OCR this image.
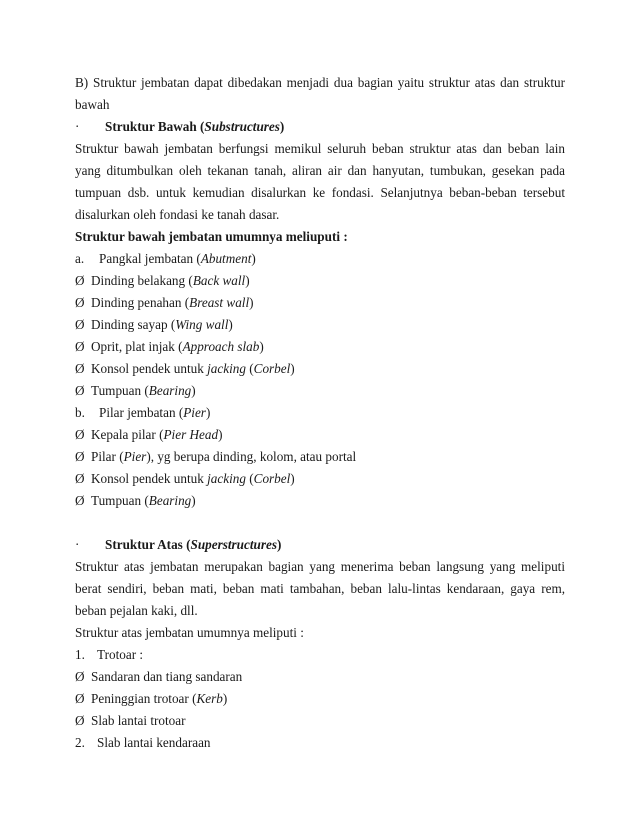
B) Struktur jembatan dapat dibedakan menjadi dua bagian yaitu struktur atas dan struktur
bawah
· Struktur Bawah (Substructures)
Struktur bawah jembatan berfungsi memikul seluruh beban struktur atas dan beban lain
yang ditumbulkan oleh tekanan tanah, aliran air dan hanyutan, tumbukan, gesekan pada
tumpuan dsb. untuk kemudian disalurkan ke fondasi. Selanjutnya beban-beban tersebut
disalurkan oleh fondasi ke tanah dasar.
Struktur bawah jembatan umumnya meliuputi :
a. Pangkal jembatan (Abutment)
Ø Dinding belakang (Back wall)
Ø Dinding penahan (Breast wall)
Ø Dinding sayap (Wing wall)
Ø Oprit, plat injak (Approach slab)
Ø Konsol pendek untuk jacking (Corbel)
Ø Tumpuan (Bearing)
b. Pilar jembatan (Pier)
Ø Kepala pilar (Pier Head)
Ø Pilar (Pier), yg berupa dinding, kolom, atau portal
Ø Konsol pendek untuk jacking (Corbel)
Ø Tumpuan (Bearing)
· Struktur Atas (Superstructures)
Struktur atas jembatan merupakan bagian yang menerima beban langsung yang meliputi
berat sendiri, beban mati, beban mati tambahan, beban lalu-lintas kendaraan, gaya rem,
beban pejalan kaki, dll.
Struktur atas jembatan umumnya meliputi :
1. Trotoar :
Ø Sandaran dan tiang sandaran
Ø Peninggian trotoar (Kerb)
Ø Slab lantai trotoar
2. Slab lantai kendaraan
